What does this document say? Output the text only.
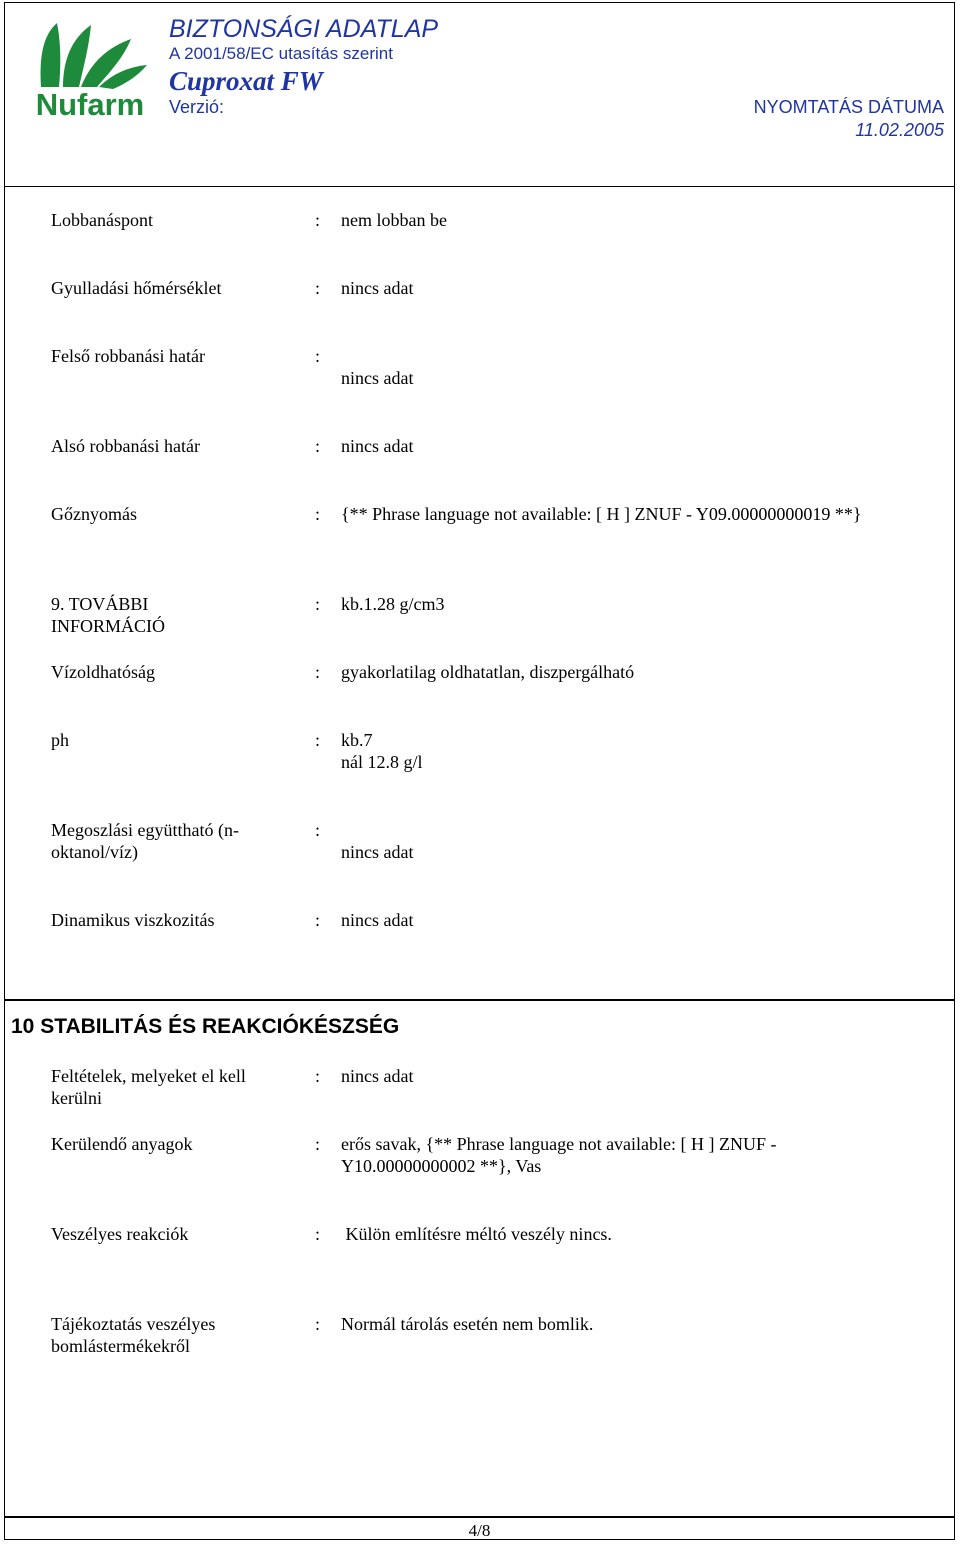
Nufarm
BIZTONSÁGI ADATLAP
A 2001/58/EC utasítás szerint
Cuproxat FW
Verzió:	NYOMTATÁS DÁTUMA
11.02.2005
Lobbanáspont	: nem lobban be
Gyulladási hőmérséklet	: nincs adat
Felső robbanási határ	:
nincs adat
Alsó robbanási határ	: nincs adat
Gőznyomás	: {** Phrase language not available: [ H ] ZNUF - Y09.00000000019 **}
9. TOVÁBBI INFORMÁCIÓ
: kb.1.28 g/cm3
Vízoldhatóság	: gyakorlatilag oldhatatlan, diszpergálható
ph	: kb.7
nál 12.8 g/l
Megoszlási együttható (n-oktanol/víz)
:
nincs adat
Dinamikus viszkozitás	: nincs adat
10 STABILITÁS ÉS REAKCIÓKÉSZSÉG
Feltételek, melyeket el kell kerülni
: nincs adat
Kerülendő anyagok	: erős savak, {** Phrase language not available: [ H ] ZNUF - Y10.00000000002 **}, Vas
Veszélyes reakciók	: Külön említésre méltó veszély nincs.
Tájékoztatás veszélyes bomlástermékekről
: Normál tárolás esetén nem bomlik.
4/8
